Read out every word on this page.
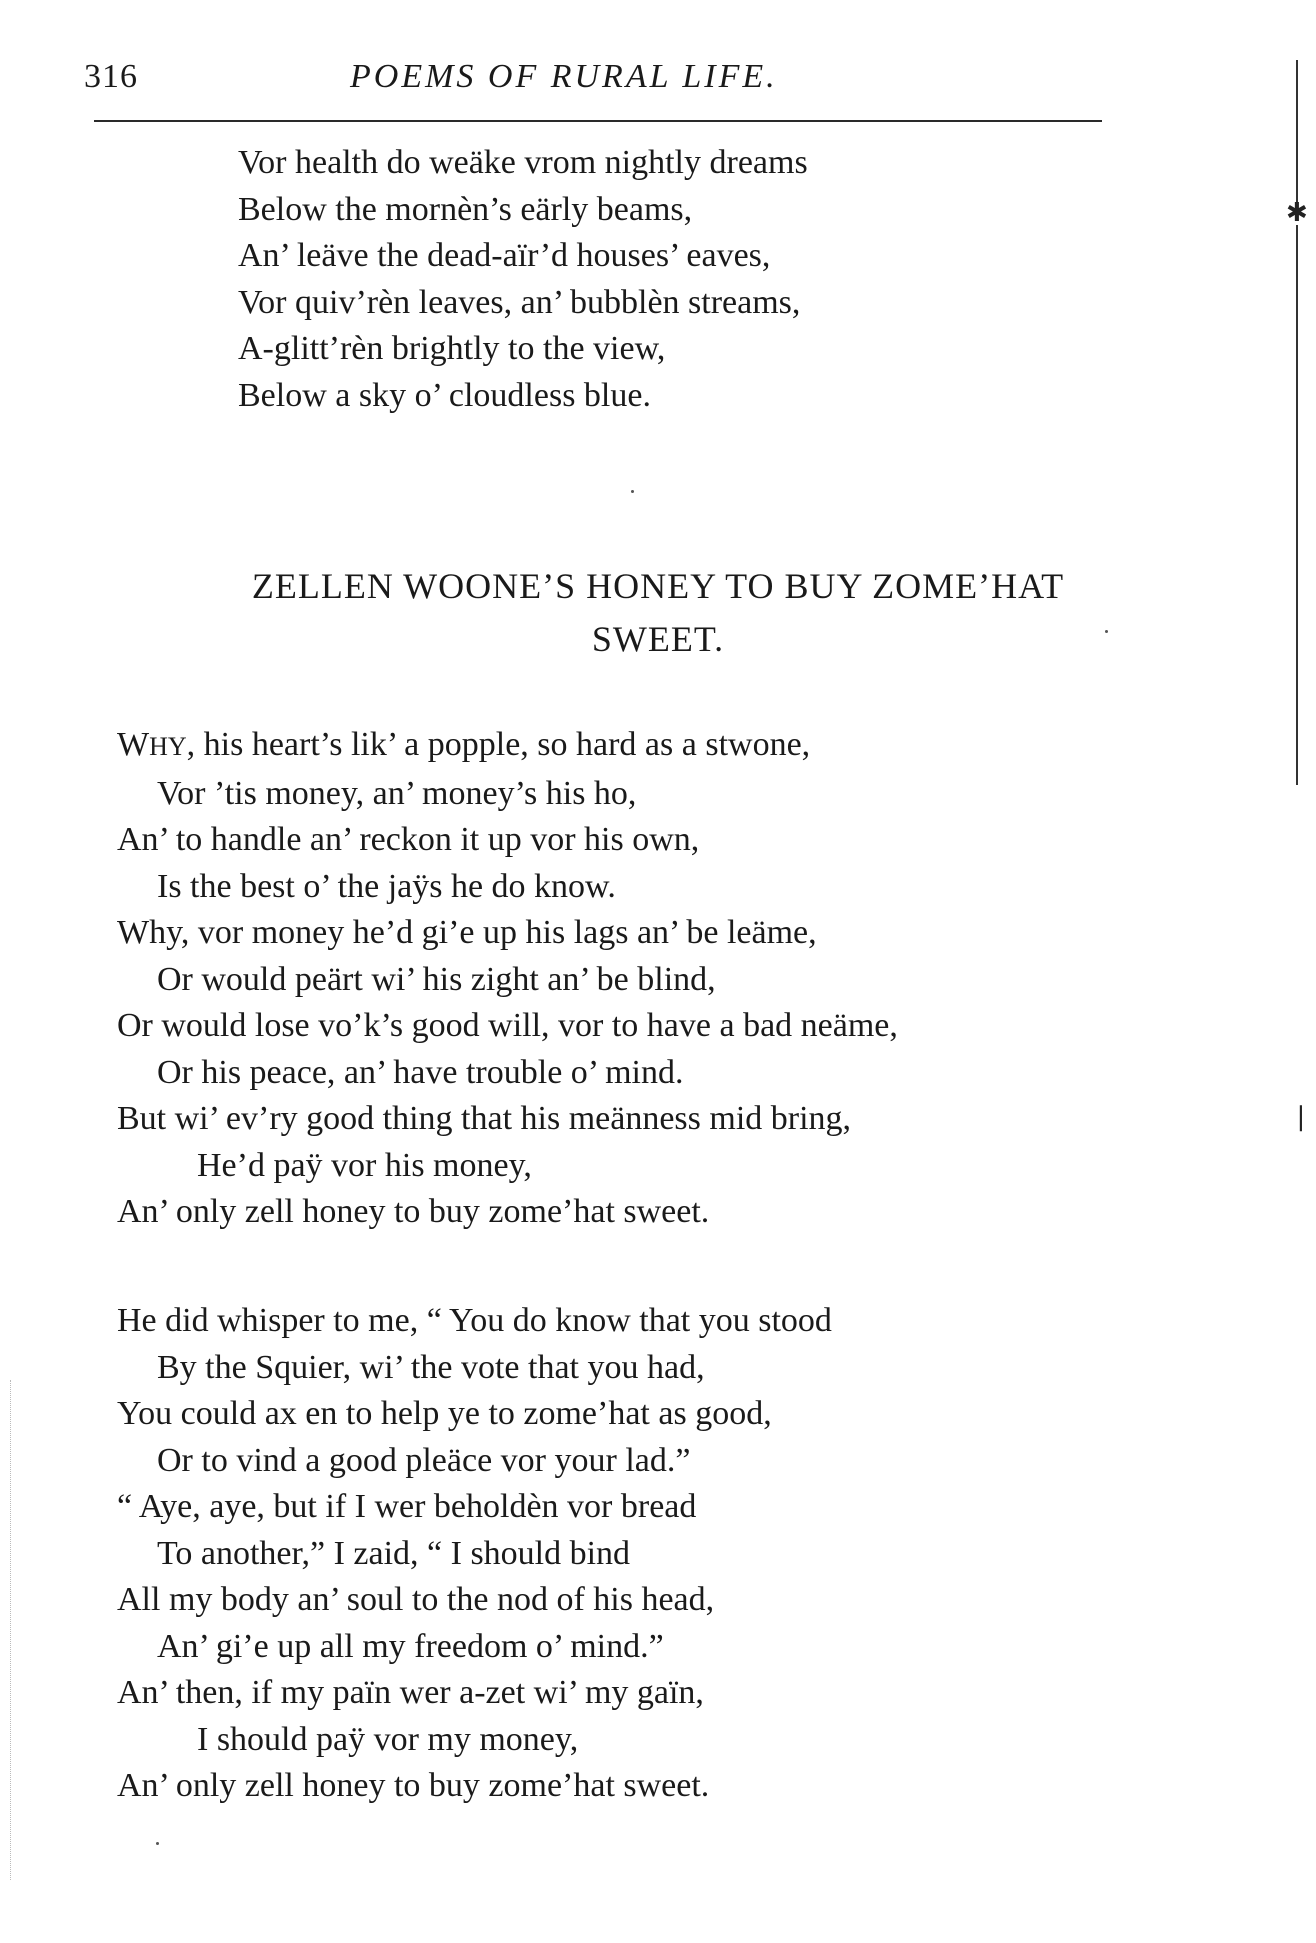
316	POEMS OF RURAL LIFE.
Vor health do weäke vrom nightly dreams
Below the mornèn’s eärly beams,
An’ leäve the dead-aïr’d houses’ eaves,
Vor quiv’rèn leaves, an’ bubblèn streams,
A-glitt’rèn brightly to the view,
Below a sky o’ cloudless blue.
ZELLEN WOONE’S HONEY TO BUY ZOME’HAT
SWEET.
WHY, his heart’s lik’ a popple, so hard as a stwone,
Vor ’tis money, an’ money’s his ho,
An’ to handle an’ reckon it up vor his own,
Is the best o’ the jaÿs he do know.
Why, vor money he’d gi’e up his lags an’ be leäme,
Or would peärt wi’ his zight an’ be blind,
Or would lose vo’k’s good will, vor to have a bad neäme,
Or his peace, an’ have trouble o’ mind.
But wi’ ev’ry good thing that his meänness mid bring,
He’d paÿ vor his money,
An’ only zell honey to buy zome’hat sweet.
He did whisper to me, “ You do know that you stood
By the Squier, wi’ the vote that you had,
You could ax en to help ye to zome’hat as good,
Or to vind a good pleäce vor your lad.”
“ Aye, aye, but if I wer beholdèn vor bread
To another,” I zaid, “ I should bind
All my body an’ soul to the nod of his head,
An’ gi’e up all my freedom o’ mind.”
An’ then, if my païn wer a-zet wi’ my gaïn,
I should paÿ vor my money,
An’ only zell honey to buy zome’hat sweet.
✱
❘
